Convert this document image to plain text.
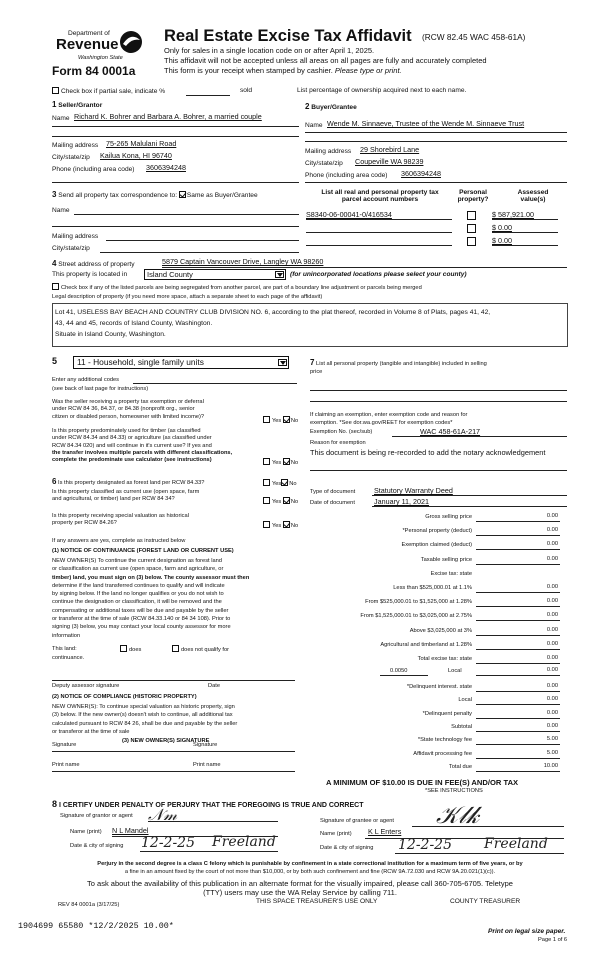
Department of
Revenue
Washington State
Form 84 0001a
Real Estate Excise Tax Affidavit (RCW 82.45 WAC 458-61A)
Only for sales in a single location code on or after April 1, 2025.
This affidavit will not be accepted unless all areas on all pages are fully and accurately completed
This form is your receipt when stamped by cashier. Please type or print.
Check box if partial sale, indicate %	sold	List percentage of ownership acquired next to each name.
1 Seller/Grantor
Name Richard K. Bohrer and Barbara A. Bohrer, a married couple
Mailing address 75-265 Malulani Road
City/state/zip Kailua Kona, HI 96740
Phone (including area code) 3606394248
2 Buyer/Grantee
Name Wende M. Sinnaeve, Trustee of the Wende M. Sinnaeve Trust
Mailing address 29 Shorebird Lane
City/state/zip Coupeville WA 98239
Phone (including area code) 3606394248
3 Send all property tax correspondence to: Same as Buyer/Grantee
Name
Mailing address
City/state/zip
List all real and personal property tax
parcel account numbers
Personal
property?
Assessed
value(s)
S8340-06-00041-0/416534	$ 587,921.00
$ 0.00
$ 0.00
4 Street address of property	5879 Captain Vancouver Drive, Langley WA 98260
This property is located in	Island County	(for unincorporated locations please select your county)
Check box if any of the listed parcels are being segregated from another parcel, are part of a boundary line adjustment or parcels being merged
Legal description of property (if you need more space, attach a separate sheet to each page of the affidavit)
Lot 41, USELESS BAY BEACH AND COUNTRY CLUB DIVISION NO. 6, according to the plat thereof, recorded in Volume 8 of Plats, pages 41, 42,
43, 44 and 45, records of Island County, Washington.
Situate in Island County, Washington.
5 11 - Household, single family units
Enter any additional codes
(see back of last page for instructions)
Was the seller receiving a property tax exemption or deferral
under RCW 84 36, 84.37, or 84.38 (nonprofit org., senior
citizen or disabled person, homeowner with limited income)?
Yes No
Is this property predominately used for timber (as classified
under RCW 84.34 and 84.33) or agriculture (as classified under
RCW 84.34 020) and will continue in it's current use? If yes and
the transfer involves multiple parcels with different classifications,
complete the predominate use calculator (see instructions)	Yes No
6 Is this property designated as forest land per RCW 84.33?	Yes No
Is this property classified as current use (open space, farm
and agricultural, or timber) land per RCW 84 34?	Yes No
Is this property receiving special valuation as historical
property per RCW 84.26?	Yes No
If any answers are yes, complete as instructed below
(1) NOTICE OF CONTINUANCE (FOREST LAND OR CURRENT USE)
NEW OWNER(S) To continue the current designation as forest land
or classification as current use (open space, farm and agriculture, or
timber) land, you must sign on (3) below. The county assessor must then
determine if the land transferred continues to qualify and will indicate
by signing below. If the land no longer qualifies or you do not wish to
continue the designation or classification, it will be removed and the
compensating or additional taxes will be due and payable by the seller
or transferor at the time of sale (RCW 84.33.140 or 84 34 108). Prior to
signing (3) below, you may contact your local county assessor for more
information
This land:	does	does not qualify for
continuance.
Deputy assessor signature	Date
(2) NOTICE OF COMPLIANCE (HISTORIC PROPERTY)
NEW OWNER(S): To continue special valuation as historic property, sign
(3) below. If the new owner(s) doesn't wish to continue, all additional tax
calculated pursuant to RCW 84 26, shall be due and payable by the seller
or transferor at the time of sale
(3) NEW OWNER(S) SIGNATURE
Signature	Signature
Print name	Print name
7 List all personal property (tangible and intangible) included in selling
price
If claiming an exemption, enter exemption code and reason for
exemption. *See dor.wa.gov/REET for exemption codes*
Exemption No. (sec/sub)	WAC 458-61A-217
Reason for exemption
This document is being re-recorded to add the notary acknowledgement
Type of document	Statutory Warranty Deed
Date of document	January 11, 2021
Gross selling price	0.00
*Personal property (deduct)	0.00
Exemption claimed (deduct)	0.00
Taxable selling price	0.00
Excise tax: state
Less than $525,000.01 at 1.1%	0.00
From $525,000.01 to $1,525,000 at 1.28%	0.00
From $1,525,000.01 to $3,025,000 at 2.75%	0.00
Above $3,025,000 at 3%	0.00
Agricultural and timberland at 1.28%	0.00
Total excise tax: state	0.00
0.0050	Local	0.00
*Delinquent interest. state	0.00
Local	0.00
*Delinquent penalty	0.00
Subtotal	0.00
*State technology fee	5.00
Affidavit processing fee	5.00
Total due	10.00
A MINIMUM OF $10.00 IS DUE IN FEE(S) AND/OR TAX
*SEE INSTRUCTIONS
8 I CERTIFY UNDER PENALTY OF PERJURY THAT THE FOREGOING IS TRUE AND CORRECT
Signature of grantor or agent 𝒩𝓂
Name (print) N L Mandel
Date & city of signing 12-2-25 Freeland
Signature of grantee or agent 𝒦𝓁𝓀
Name (print) K L Enters
Date & city of signing 12-2-25 Freeland
Perjury in the second degree is a class C felony which is punishable by confinement in a state correctional institution for a maximum term of five years, or by
a fine in an amount fixed by the court of not more than $10,000, or by both such confinement and fine (RCW 9A.72.030 and RCW 9A.20.021(1)(c)).
To ask about the availability of this publication in an alternate format for the visually impaired, please call 360-705-6705. Teletype
(TTY) users may use the WA Relay Service by calling 711.
REV 84 0001a (3/17/25)	THIS SPACE TREASURER'S USE ONLY	COUNTY TREASURER
1904699 65580 *12/2/2025 10.00*
Print on legal size paper.
Page 1 of 6
